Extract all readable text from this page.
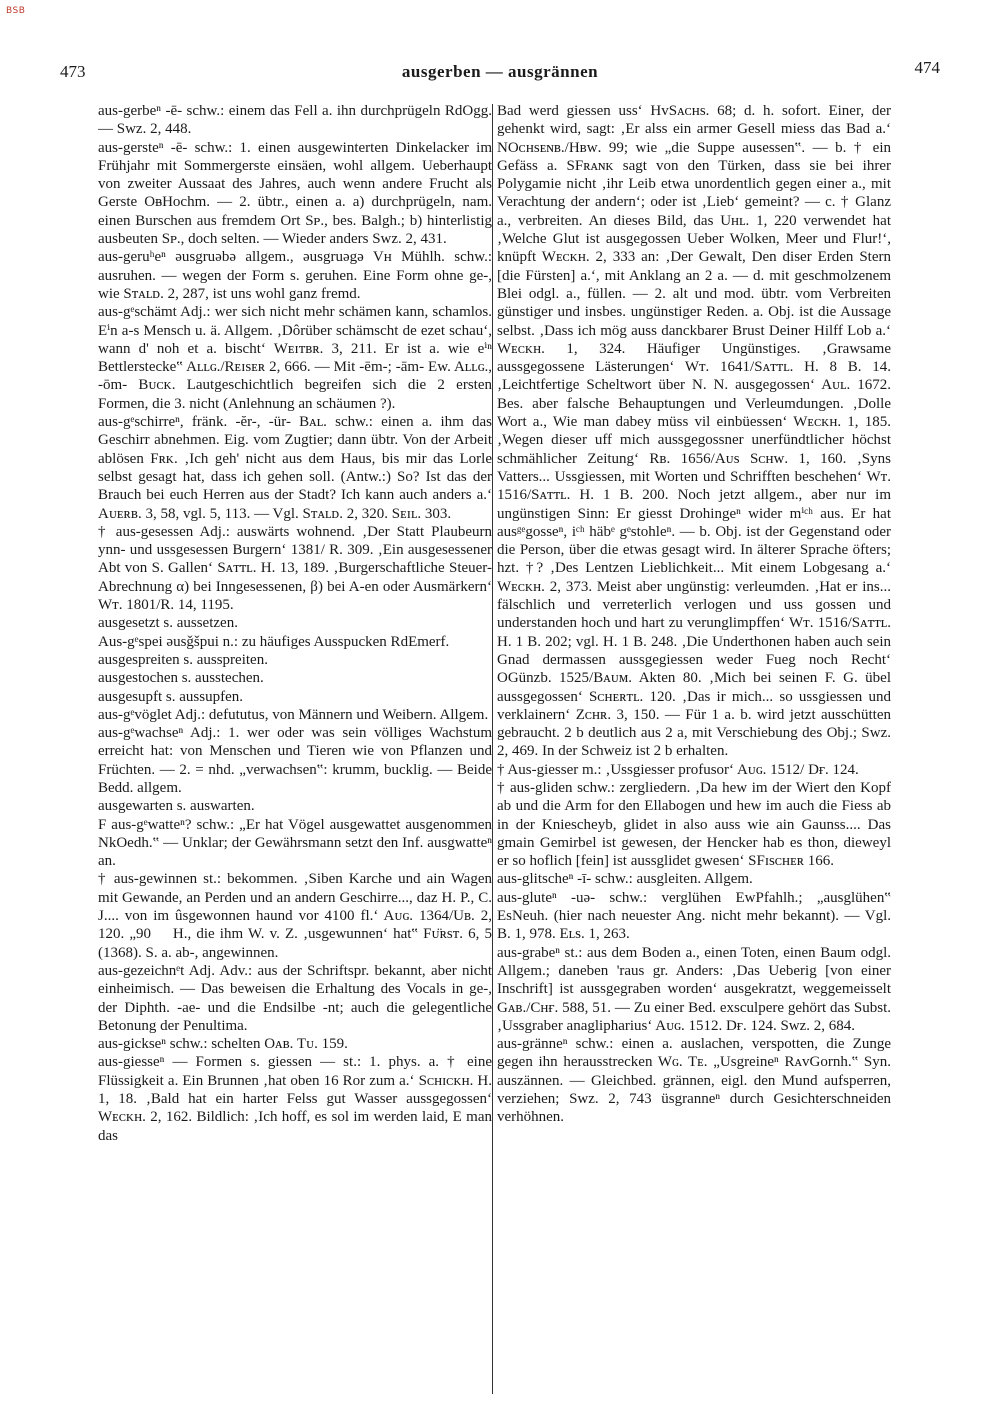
BSB
473	ausgerben — ausgrännen	474

aus-gerbeⁿ -ē- schw.: einem das Fell a. ihn durchprügeln RdOgg. — Swz. 2, 448.

aus-gersteⁿ -ē- schw.: 1. einen ausgewinterten Dinkelacker im Frühjahr mit Sommergerste einsäen, wohl allgem. Ueberhaupt von zweiter Aussaat des Jahres, auch wenn andere Frucht als Gerste OᴃHochm. — 2. übtr., einen a. a) durchprügeln, nam. einen Burschen aus fremdem Ort Sᴘ., bes. Balgh.; b) hinterlistig ausbeuten Sᴘ., doch selten. — Wieder anders Swz. 2, 431.

aus-geruʰeⁿ əusgruəbə allgem., əusgruəgə Vʜ Mühlh. schw.: ausruhen. — wegen der Form s. geruhen. Eine Form ohne ge-, wie Sᴛᴀʟᴅ. 2, 287, ist uns wohl ganz fremd.

aus-gᵉschämt Adj.: wer sich nicht mehr schämen kann, schamlos. Eⁱn a-s Mensch u. ä. Allgem. ‚Dôrüber schämscht de ezet schau‘, wann d' noh et a. bischt‘ Wᴇɪᴛʙʀ. 3, 211. Er ist a. wie eⁱⁿ Bettlerstecke‟ Aʟʟɢ./Rᴇɪsᴇʀ 2, 666. — Mit -ēm-; -ām- Ew. Aʟʟɢ., -ōm- Bᴜᴄᴋ. Lautgeschichtlich begreifen sich die 2 ersten Formen, die 3. nicht (Anlehnung an schäumen ?).

aus-gᵉschirreⁿ, fränk. -ĕr-, -ür- Bᴀʟ. schw.: einen a. ihm das Geschirr abnehmen. Eig. vom Zugtier; dann übtr. Von der Arbeit ablösen Fʀᴋ. ‚Ich geh' nicht aus dem Haus, bis mir das Lorle selbst gesagt hat, dass ich gehen soll. (Antw.:) So? Ist das der Brauch bei euch Herren aus der Stadt? Ich kann auch anders a.‘ Aᴜᴇʀʙ. 3, 58, vgl. 5, 113. — Vgl. Sᴛᴀʟᴅ. 2, 320. Sᴇɪʟ. 303.

† aus-gesessen Adj.: auswärts wohnend. ‚Der Statt Plaubeurn ynn- und ussgesessen Burgern‘ 1381/ R. 309. ‚Ein ausgesessener Abt von S. Gallen‘ Sᴀᴛᴛʟ. H. 13, 189. ‚Burgerschaftliche Steuer-Abrechnung α) bei Inngesessenen, β) bei A-en oder Ausmärkern‘ Wᴛ. 1801/R. 14, 1195.

ausgesetzt s. aussetzen.

Aus-gᵉspei əusǧšpui n.: zu häufiges Ausspucken RdEmerf.

ausgespreiten s. ausspreiten.

ausgestochen s. ausstechen.

ausgesupft s. aussupfen.

aus-gᵉvöglet Adj.: defututus, von Männern und Weibern. Allgem.

aus-gᵉwachseⁿ Adj.: 1. wer oder was sein völliges Wachstum erreicht hat: von Menschen und Tieren wie von Pflanzen und Früchten. — 2. = nhd. „verwachsen‟: krumm, bucklig. — Beide Bedd. allgem.

ausgewarten s. auswarten.

F aus-gᵉwatteⁿ? schw.: „Er hat Vögel ausgewattet ausgenommen NkOedh.‟ — Unklar; der Gewährsmann setzt den Inf. ausgwatteⁿ an.

† aus-gewinnen st.: bekommen. ‚Siben Karche und ain Wagen mit Gewande, an Perden und an andern Geschirre..., daz H. P., C. J.... von im ûsgewonnen haund vor 4100 fl.‘ Aᴜɢ. 1364/Uʙ. 2, 120. „90 ᷣ H., die ihm W. v. Z. ‚usgewunnen‘ hat‟ Fᴜ̈ʀsᴛ. 6, 5 (1368). S. a. ab-, angewinnen.

aus-gezeichnᵉt Adj. Adv.: aus der Schriftspr. bekannt, aber nicht einheimisch. — Das beweisen die Erhaltung des Vocals in ge-, der Diphth. -ae- und die Endsilbe -nt; auch die gelegentliche Betonung der Penultima.

aus-gickseⁿ schw.: schelten Oᴀʙ. Tᴜ. 159.

aus-giesseⁿ — Formen s. giessen — st.: 1. phys. a. † eine Flüssigkeit a. Ein Brunnen ‚hat oben 16 Ror zum a.‘ Sᴄʜɪᴄᴋʜ. H. 1, 18. ‚Bald hat ein harter Felss gut Wasser aussgegossen‘ Wᴇᴄᴋʜ. 2, 162. Bildlich: ‚Ich hoff, es sol im werden laid, E man das

Bad werd giessen uss‘ HᴠSᴀᴄʜs. 68; d. h. sofort. Einer, der gehenkt wird, sagt: ‚Er alss ein armer Gesell miess das Bad a.‘ NOᴄʜsᴇɴʙ./Hʙᴡ. 99; wie „die Suppe ausessen‟. — b. † ein Gefäss a. SFʀᴀɴᴋ sagt von den Türken, dass sie bei ihrer Polygamie nicht ‚ihr Leib etwa unordentlich gegen einer a., mit Verachtung der andern‘; oder ist ‚Lieb‘ gemeint? — c. † Glanz a., verbreiten. An dieses Bild, das Uʜʟ. 1, 220 verwendet hat ‚Welche Glut ist ausgegossen Ueber Wolken, Meer und Flur!‘, knüpft Wᴇᴄᴋʜ. 2, 333 an: ‚Der Gewalt, Den diser Erden Stern [die Fürsten] a.‘, mit Anklang an 2 a. — d. mit geschmolzenem Blei odgl. a., füllen. — 2. alt und mod. übtr. vom Verbreiten günstiger und insbes. ungünstiger Reden. a. Obj. ist die Aussage selbst. ‚Dass ich mög auss danckbarer Brust Deiner Hilff Lob a.‘ Wᴇᴄᴋʜ. 1, 324. Häufiger Ungünstiges. ‚Grawsame aussgegossene Lästerungen‘ Wᴛ. 1641/Sᴀᴛᴛʟ. H. 8 B. 14. ‚Leichtfertige Scheltwort über N. N. ausgegossen‘ Aᴜʟ. 1672. Bes. aber falsche Behauptungen und Verleumdungen. ‚Dolle Wort a., Wie man dabey müss vil einbüessen‘ Wᴇᴄᴋʜ. 1, 185. ‚Wegen dieser uff mich aussgegossner unerfündtlicher höchst schmählicher Zeitung‘ Rʙ. 1656/Aᴜs Sᴄʜᴡ. 1, 160. ‚Syns Vatters... Ussgiessen, mit Worten und Schrifften beschehen‘ Wᴛ. 1516/Sᴀᴛᴛʟ. H. 1 B. 200. Noch jetzt allgem., aber nur im ungünstigen Sinn: Er giesst Drohingeⁿ wider mⁱᶜʰ aus. Er hat ausᵍᵉgosseⁿ, iᶜʰ häbᵉ gᵉstohleⁿ. — b. Obj. ist der Gegenstand oder die Person, über die etwas gesagt wird. In älterer Sprache öfters; hzt. †? ‚Des Lentzen Lieblichkeit... Mit einem Lobgesang a.‘ Wᴇᴄᴋʜ. 2, 373. Meist aber ungünstig: verleumden. ‚Hat er ins... fälschlich und verreterlich verlogen und uss gossen und understanden hoch und hart zu verunglimpffen‘ Wᴛ. 1516/Sᴀᴛᴛʟ. H. 1 B. 202; vgl. H. 1 B. 248. ‚Die Underthonen haben auch sein Gnad dermassen aussgegiessen weder Fueg noch Recht‘ OGünzb. 1525/Bᴀᴜᴍ. Akten 80. ‚Mich bei seinen F. G. übel aussgegossen‘ Sᴄʜᴇʀᴛʟ. 120. ‚Das ir mich... so ussgiessen und verklainern‘ Zᴄʜʀ. 3, 150. — Für 1 a. b. wird jetzt ausschütten gebraucht. 2 b deutlich aus 2 a, mit Verschiebung des Obj.; Swz. 2, 469. In der Schweiz ist 2 b erhalten.

† Aus-giesser m.: ‚Ussgiesser profusor‘ Aᴜɢ. 1512/ Dғ. 124.

† aus-gliden schw.: zergliedern. ‚Da hew im der Wiert den Kopf ab und die Arm for den Ellabogen und hew im auch die Fiess ab in der Kniescheyb, glidet in also auss wie ain Gaunss.... Das gmain Gemirbel ist gewesen, der Hencker hab es thon, dieweyl er so hoflich [fein] ist aussglidet gwesen‘ SFɪsᴄʜᴇʀ 166.

aus-glitscheⁿ -ī- schw.: ausgleiten. Allgem.

aus-gluteⁿ -uə- schw.: verglühen EwPfahlh.; „ausglühen‟ EsNeuh. (hier nach neuester Ang. nicht mehr bekannt). — Vgl. B. 1, 978. Eʟs. 1, 263.

aus-grabeⁿ st.: aus dem Boden a., einen Toten, einen Baum odgl. Allgem.; daneben 'raus gr. Anders: ‚Das Ueberig [von einer Inschrift] ist aussgegraben worden‘ ausgekratzt, weggemeisselt Gᴀʙ./Cʜғ. 588, 51. — Zu einer Bed. exsculpere gehört das Subst. ‚Ussgraber anaglipharius‘ Aᴜɢ. 1512. Dғ. 124. Swz. 2, 684.

aus-gränneⁿ schw.: einen a. auslachen, verspotten, die Zunge gegen ihn herausstrecken Wɢ. Tᴇ. „Usgreineⁿ RᴀᴠGornh.‟ Syn. auszännen. — Gleichbed. grännen, eigl. den Mund aufsperren, verziehen; Swz. 2, 743 üsgranneⁿ durch Gesichterschneiden verhöhnen.
